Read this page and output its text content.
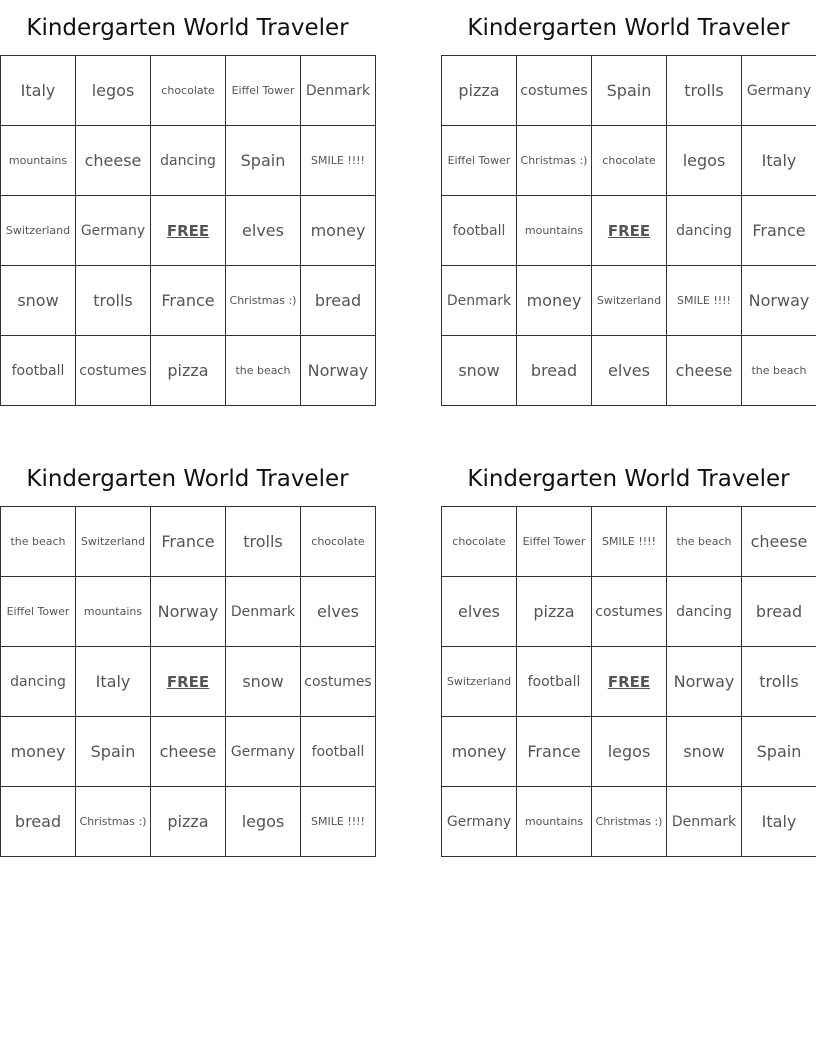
Kindergarten World Traveler
Italy	legos	chocolate	Eiffel Tower	Denmark
mountains	cheese	dancing	Spain	SMILE !!!!
Switzerland	Germany	FREE	elves	money
snow	trolls	France	Christmas :)	bread
football	costumes	pizza	the beach	Norway
Kindergarten World Traveler
pizza	costumes	Spain	trolls	Germany
Eiffel Tower	Christmas :)	chocolate	legos	Italy
football	mountains	FREE	dancing	France
Denmark	money	Switzerland	SMILE !!!!	Norway
snow	bread	elves	cheese	the beach
Kindergarten World Traveler
the beach	Switzerland	France	trolls	chocolate
Eiffel Tower	mountains	Norway	Denmark	elves
dancing	Italy	FREE	snow	costumes
money	Spain	cheese	Germany	football
bread	Christmas :)	pizza	legos	SMILE !!!!
Kindergarten World Traveler
chocolate	Eiffel Tower	SMILE !!!!	the beach	cheese
elves	pizza	costumes	dancing	bread
Switzerland	football	FREE	Norway	trolls
money	France	legos	snow	Spain
Germany	mountains	Christmas :)	Denmark	Italy
